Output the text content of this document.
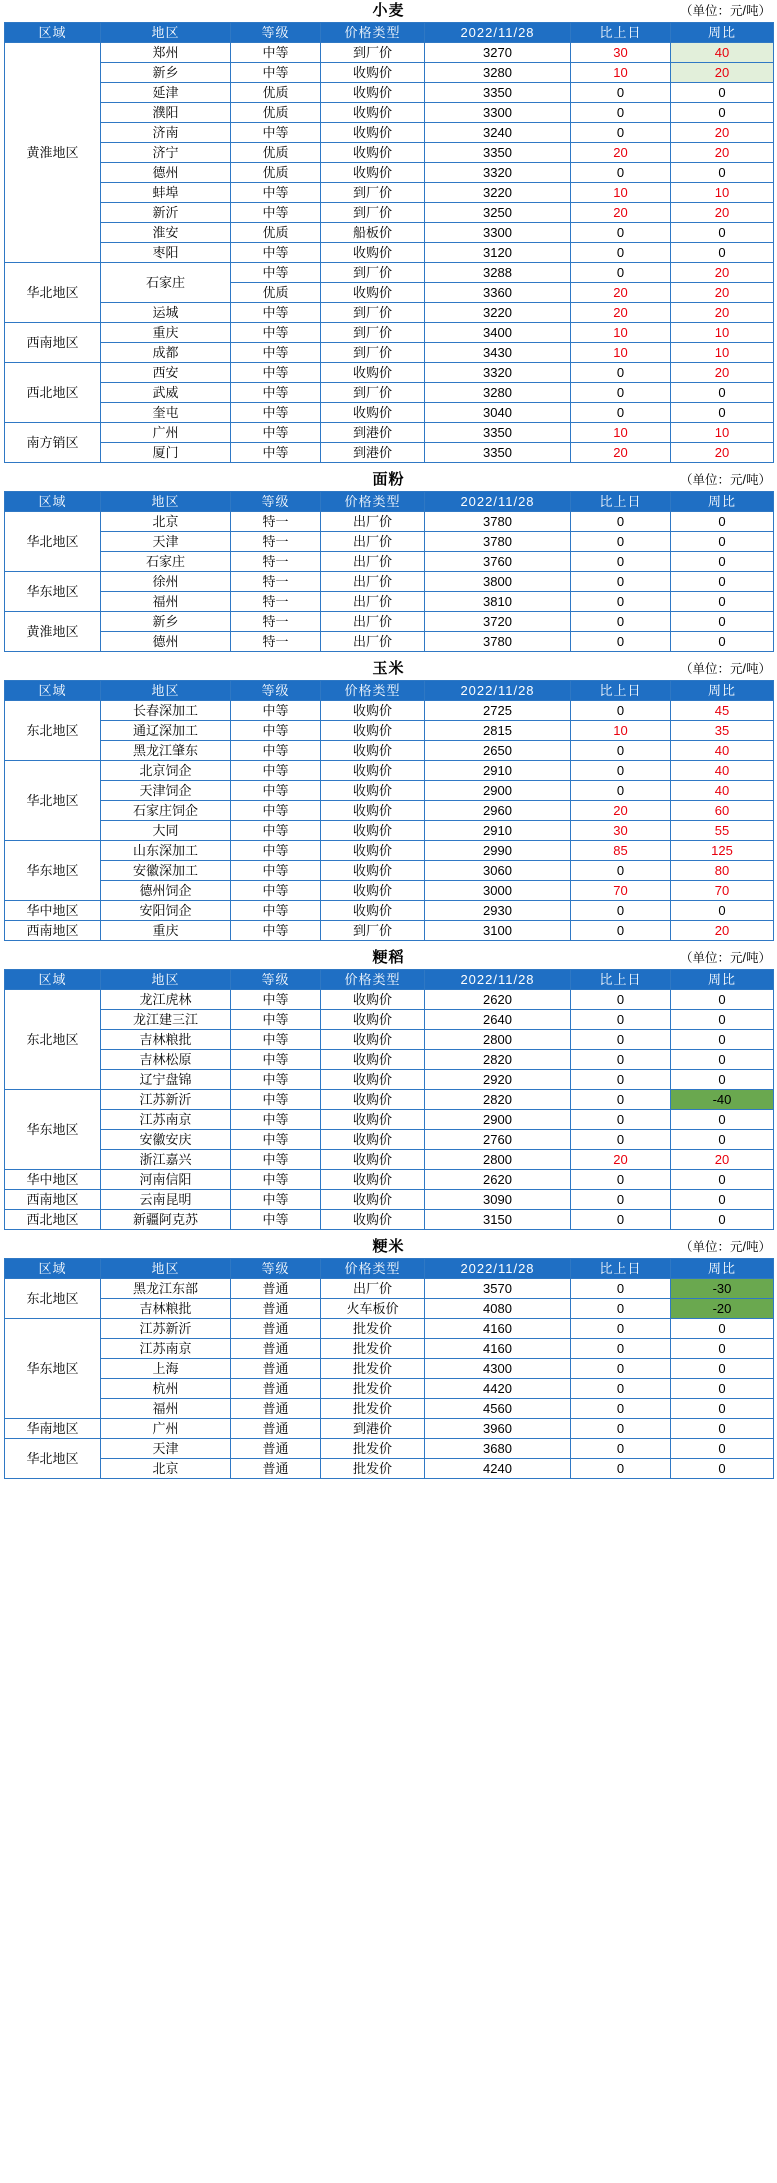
小麦	（单位：元/吨）
区域	地区	等级	价格类型	2022/11/28	比上日	周比
黄淮地区	郑州	中等	到厂价	3270	30	40
	新乡	中等	收购价	3280	10	20
	延津	优质	收购价	3350	0	0
	濮阳	优质	收购价	3300	0	0
	济南	中等	收购价	3240	0	20
	济宁	优质	收购价	3350	20	20
	德州	优质	收购价	3320	0	0
	蚌埠	中等	到厂价	3220	10	10
	新沂	中等	到厂价	3250	20	20
	淮安	优质	船板价	3300	0	0
	枣阳	中等	收购价	3120	0	0
华北地区	石家庄	中等	到厂价	3288	0	20
		优质	收购价	3360	20	20
	运城	中等	到厂价	3220	20	20
西南地区	重庆	中等	到厂价	3400	10	10
	成都	中等	到厂价	3430	10	10
西北地区	西安	中等	收购价	3320	0	20
	武威	中等	到厂价	3280	0	0
	奎屯	中等	收购价	3040	0	0
南方销区	广州	中等	到港价	3350	10	10
	厦门	中等	到港价	3350	20	20
面粉	（单位：元/吨）
区域	地区	等级	价格类型	2022/11/28	比上日	周比
华北地区	北京	特一	出厂价	3780	0	0
	天津	特一	出厂价	3780	0	0
	石家庄	特一	出厂价	3760	0	0
华东地区	徐州	特一	出厂价	3800	0	0
	福州	特一	出厂价	3810	0	0
黄淮地区	新乡	特一	出厂价	3720	0	0
	德州	特一	出厂价	3780	0	0
玉米	（单位：元/吨）
区域	地区	等级	价格类型	2022/11/28	比上日	周比
东北地区	长春深加工	中等	收购价	2725	0	45
	通辽深加工	中等	收购价	2815	10	35
	黑龙江肇东	中等	收购价	2650	0	40
华北地区	北京饲企	中等	收购价	2910	0	40
	天津饲企	中等	收购价	2900	0	40
	石家庄饲企	中等	收购价	2960	20	60
	大同	中等	收购价	2910	30	55
华东地区	山东深加工	中等	收购价	2990	85	125
	安徽深加工	中等	收购价	3060	0	80
	德州饲企	中等	收购价	3000	70	70
华中地区	安阳饲企	中等	收购价	2930	0	0
西南地区	重庆	中等	到厂价	3100	0	20
粳稻	（单位：元/吨）
区域	地区	等级	价格类型	2022/11/28	比上日	周比
东北地区	龙江虎林	中等	收购价	2620	0	0
	龙江建三江	中等	收购价	2640	0	0
	吉林粮批	中等	收购价	2800	0	0
	吉林松原	中等	收购价	2820	0	0
	辽宁盘锦	中等	收购价	2920	0	0
华东地区	江苏新沂	中等	收购价	2820	0	-40
	江苏南京	中等	收购价	2900	0	0
	安徽安庆	中等	收购价	2760	0	0
	浙江嘉兴	中等	收购价	2800	20	20
华中地区	河南信阳	中等	收购价	2620	0	0
西南地区	云南昆明	中等	收购价	3090	0	0
西北地区	新疆阿克苏	中等	收购价	3150	0	0
粳米	（单位：元/吨）
区域	地区	等级	价格类型	2022/11/28	比上日	周比
东北地区	黑龙江东部	普通	出厂价	3570	0	-30
	吉林粮批	普通	火车板价	4080	0	-20
华东地区	江苏新沂	普通	批发价	4160	0	0
	江苏南京	普通	批发价	4160	0	0
	上海	普通	批发价	4300	0	0
	杭州	普通	批发价	4420	0	0
	福州	普通	批发价	4560	0	0
华南地区	广州	普通	到港价	3960	0	0
华北地区	天津	普通	批发价	3680	0	0
	北京	普通	批发价	4240	0	0
